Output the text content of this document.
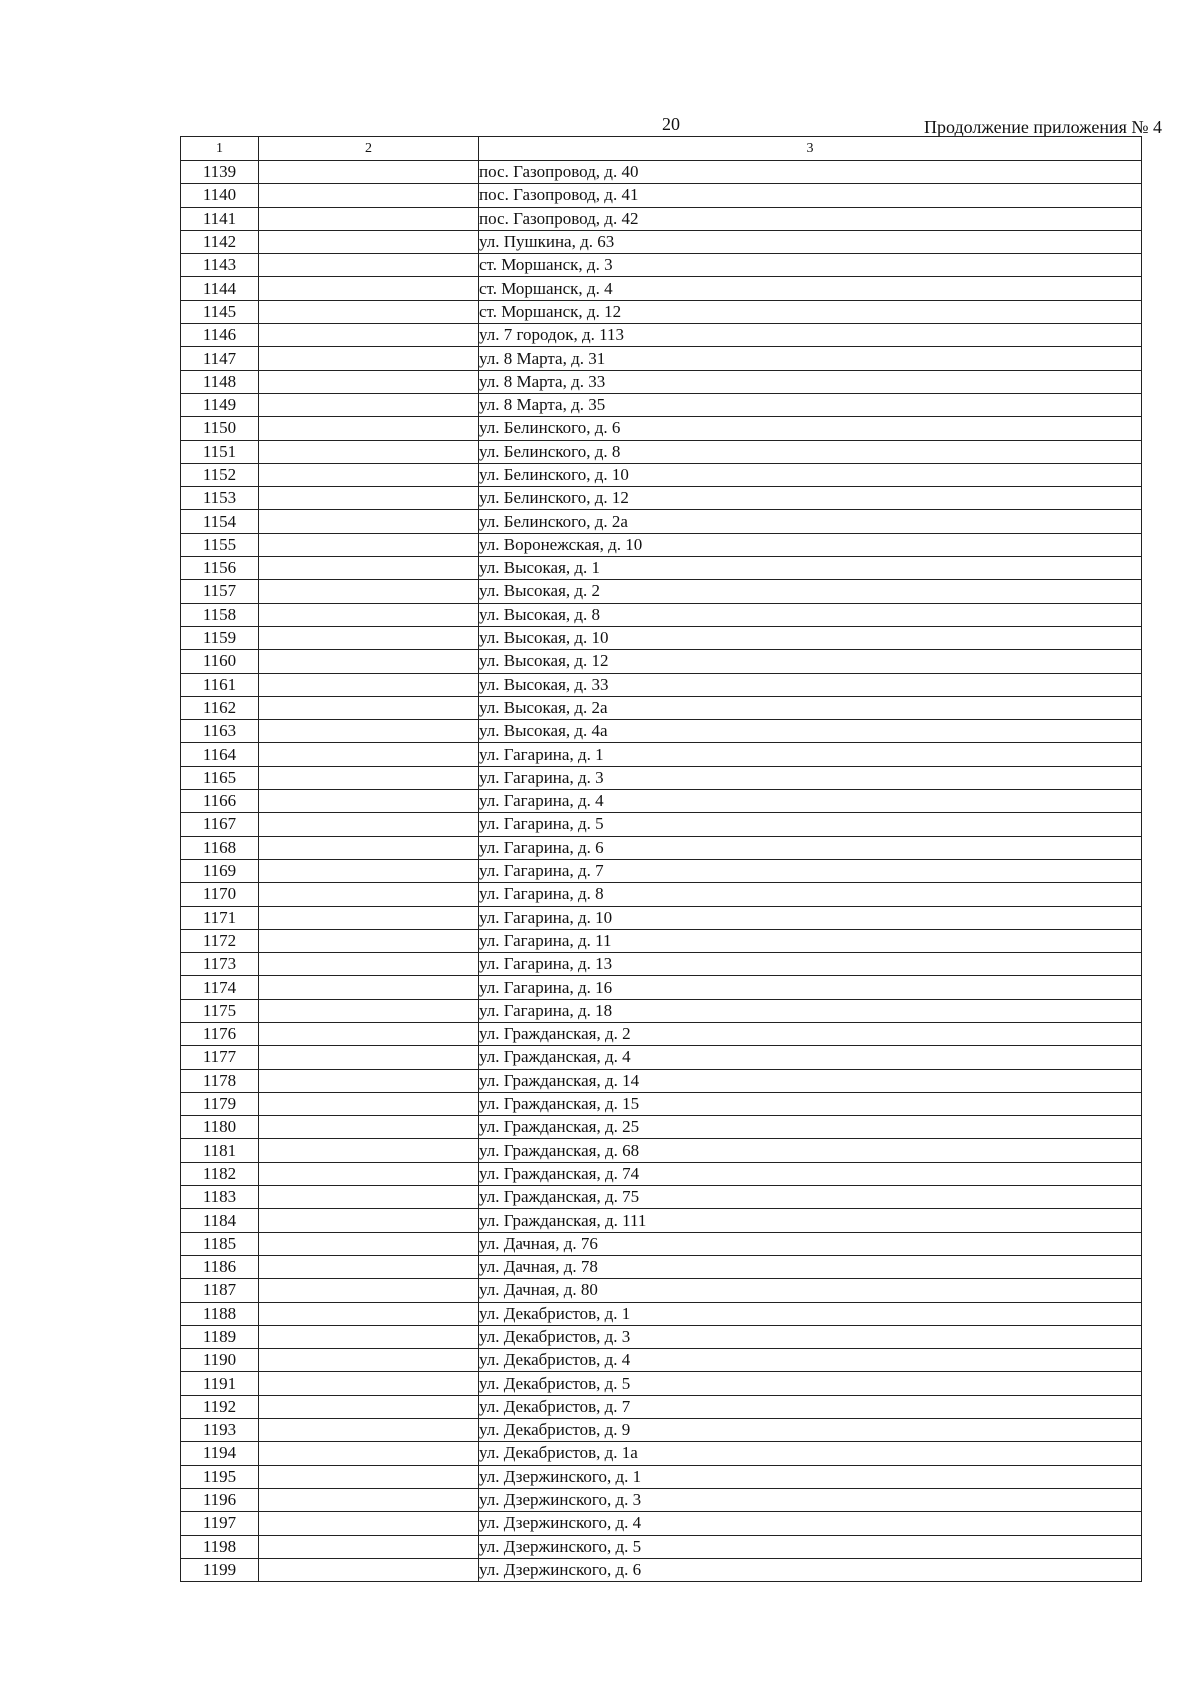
20	Продолжение приложения № 4
1	2	3
1139		пос. Газопровод, д. 40
1140		пос. Газопровод, д. 41
1141		пос. Газопровод, д. 42
1142		ул. Пушкина, д. 63
1143		ст. Моршанск, д. 3
1144		ст. Моршанск, д. 4
1145		ст. Моршанск, д. 12
1146		ул. 7 городок, д. 113
1147		ул. 8 Марта, д. 31
1148		ул. 8 Марта, д. 33
1149		ул. 8 Марта, д. 35
1150		ул. Белинского, д. 6
1151		ул. Белинского, д. 8
1152		ул. Белинского, д. 10
1153		ул. Белинского, д. 12
1154		ул. Белинского, д. 2а
1155		ул. Воронежская, д. 10
1156		ул. Высокая, д. 1
1157		ул. Высокая, д. 2
1158		ул. Высокая, д. 8
1159		ул. Высокая, д. 10
1160		ул. Высокая, д. 12
1161		ул. Высокая, д. 33
1162		ул. Высокая, д. 2а
1163		ул. Высокая, д. 4а
1164		ул. Гагарина, д. 1
1165		ул. Гагарина, д. 3
1166		ул. Гагарина, д. 4
1167		ул. Гагарина, д. 5
1168		ул. Гагарина, д. 6
1169		ул. Гагарина, д. 7
1170		ул. Гагарина, д. 8
1171		ул. Гагарина, д. 10
1172		ул. Гагарина, д. 11
1173		ул. Гагарина, д. 13
1174		ул. Гагарина, д. 16
1175		ул. Гагарина, д. 18
1176		ул. Гражданская, д. 2
1177		ул. Гражданская, д. 4
1178		ул. Гражданская, д. 14
1179		ул. Гражданская, д. 15
1180		ул. Гражданская, д. 25
1181		ул. Гражданская, д. 68
1182		ул. Гражданская, д. 74
1183		ул. Гражданская, д. 75
1184		ул. Гражданская, д. 111
1185		ул. Дачная, д. 76
1186		ул. Дачная, д. 78
1187		ул. Дачная, д. 80
1188		ул. Декабристов, д. 1
1189		ул. Декабристов, д. 3
1190		ул. Декабристов, д. 4
1191		ул. Декабристов, д. 5
1192		ул. Декабристов, д. 7
1193		ул. Декабристов, д. 9
1194		ул. Декабристов, д. 1а
1195		ул. Дзержинского, д. 1
1196		ул. Дзержинского, д. 3
1197		ул. Дзержинского, д. 4
1198		ул. Дзержинского, д. 5
1199		ул. Дзержинского, д. 6
